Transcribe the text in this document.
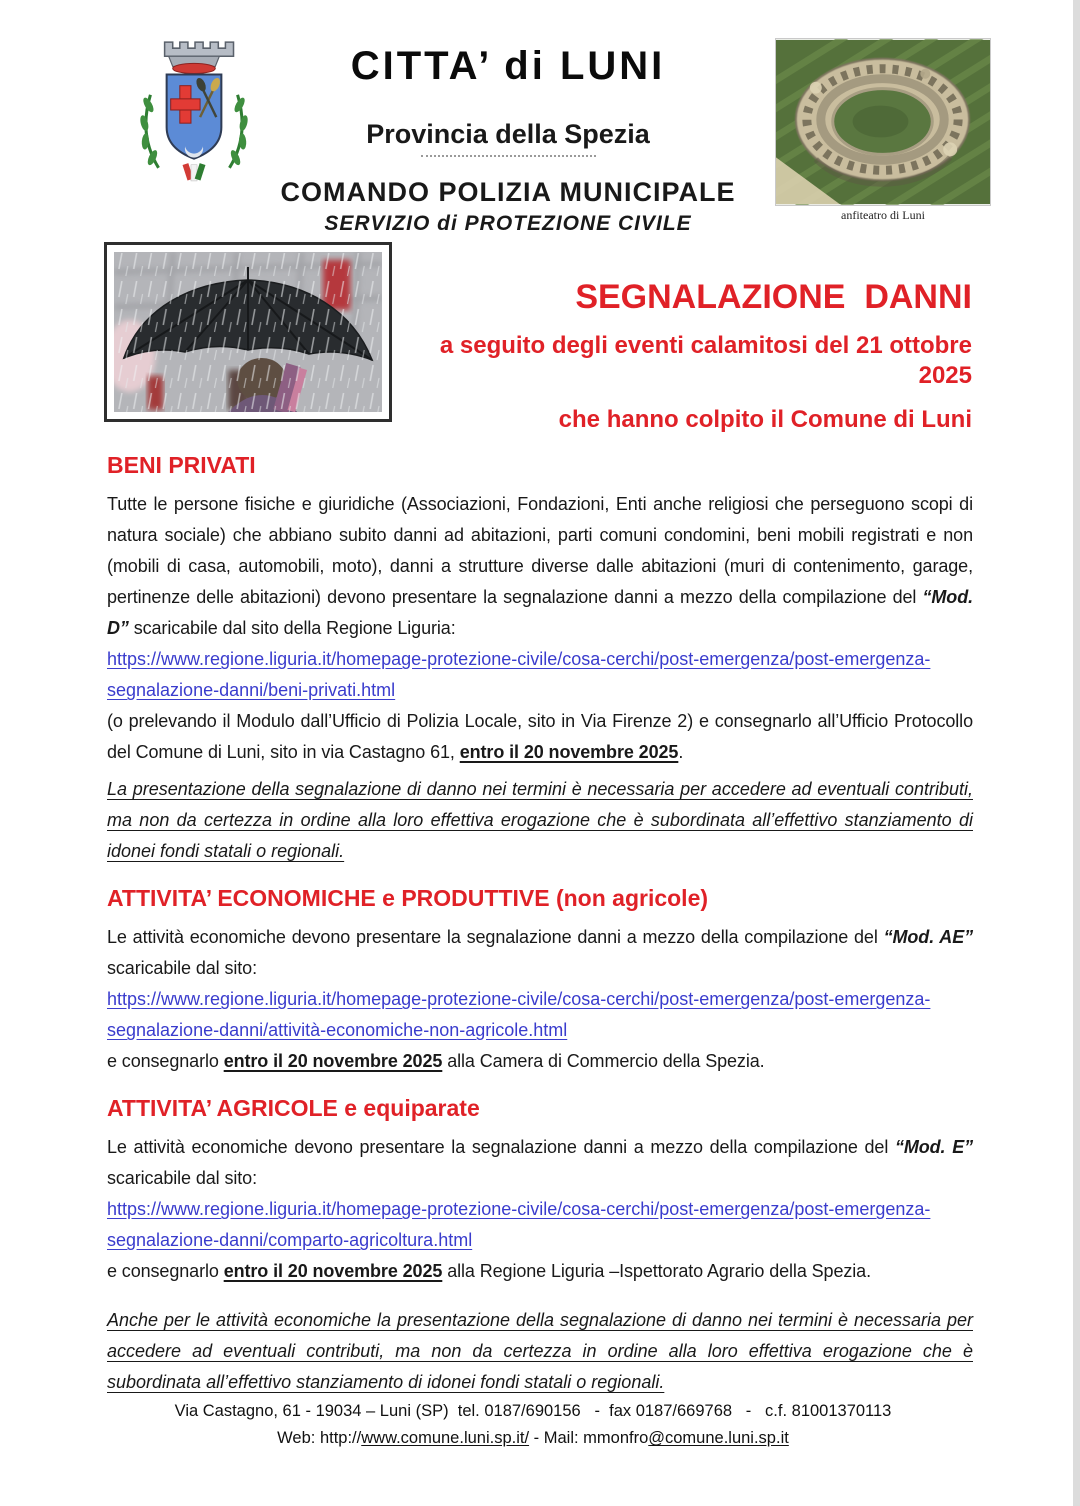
CITTA’ di LUNI
Provincia della Spezia
COMANDO POLIZIA MUNICIPALE
SERVIZIO di PROTEZIONE CIVILE	anfiteatro di Luni
SEGNALAZIONE  DANNI
a seguito degli eventi calamitosi del 21 ottobre 2025
che hanno colpito il Comune di Luni
BENI PRIVATI

Tutte le persone fisiche e giuridiche (Associazioni, Fondazioni, Enti anche religiosi che perseguono scopi di natura sociale) che abbiano subito danni ad abitazioni, parti comuni condomini, beni mobili registrati e non (mobili di casa, automobili, moto), danni a strutture diverse dalle abitazioni (muri di contenimento, garage, pertinenze delle abitazioni) devono presentare la segnalazione danni a mezzo della compilazione del “Mod. D” scaricabile dal sito della Regione Liguria:

https://www.regione.liguria.it/homepage-protezione-civile/cosa-cerchi/post-emergenza/post-emergenza-segnalazione-danni/beni-privati.html

(o prelevando il Modulo dall’Ufficio di Polizia Locale, sito in Via Firenze 2) e consegnarlo all’Ufficio Protocollo del Comune di Luni, sito in via Castagno 61, entro il 20 novembre 2025.

La presentazione della segnalazione di danno nei termini è necessaria per accedere ad eventuali contributi, ma non da certezza in ordine alla loro effettiva erogazione che è subordinata all’effettivo stanziamento di idonei fondi statali o regionali.

ATTIVITA’ ECONOMICHE e PRODUTTIVE (non agricole)

Le attività economiche devono presentare la segnalazione danni a mezzo della compilazione del “Mod. AE” scaricabile dal sito:

https://www.regione.liguria.it/homepage-protezione-civile/cosa-cerchi/post-emergenza/post-emergenza-segnalazione-danni/attività-economiche-non-agricole.html

e consegnarlo entro il 20 novembre 2025 alla Camera di Commercio della Spezia.

ATTIVITA’ AGRICOLE e equiparate

Le attività economiche devono presentare la segnalazione danni a mezzo della compilazione del “Mod. E” scaricabile dal sito:

https://www.regione.liguria.it/homepage-protezione-civile/cosa-cerchi/post-emergenza/post-emergenza-segnalazione-danni/comparto-agricoltura.html

e consegnarlo entro il 20 novembre 2025 alla Regione Liguria –Ispettorato Agrario della Spezia.

Anche per le attività economiche la presentazione della segnalazione di danno nei termini è necessaria per accedere ad eventuali contributi, ma non da certezza in ordine alla loro effettiva erogazione che è subordinata all’effettivo stanziamento di idonei fondi statali o regionali.

Via Castagno, 61 - 19034 – Luni (SP)  tel. 0187/690156   -  fax 0187/669768   -   c.f. 81001370113
Web: http://www.comune.luni.sp.it/ - Mail: mmonfro@comune.luni.sp.it
